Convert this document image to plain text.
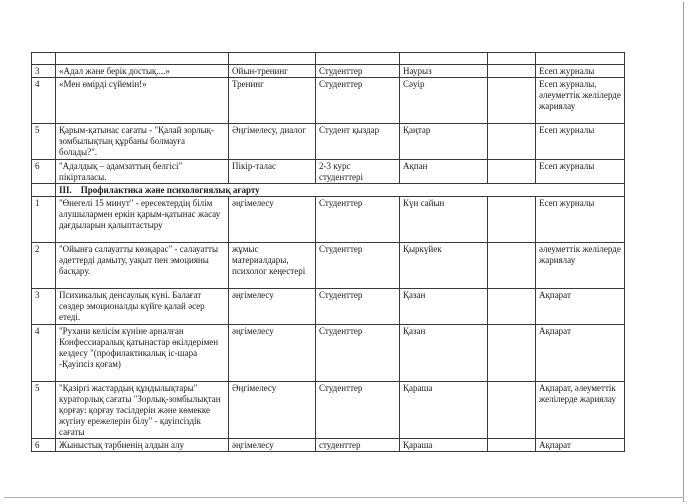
3	«Адал және берік достық....»	Ойын-тренинг	Студенттер	Наурыз		Есеп журналы
4	«Мен өмірді сүйемін!»	Тренинг	Студенттер	Сәуір		Есеп журналы, әлеуметтік желілерде жариялау
5	Қарым-қатынас сағаты - "Қалай зорлық-зомбылықтың құрбаны болмауға болады?".	Әңгімелесу, диалог	Студент қыздар	Қаңтар		Есеп журналы
6	"Адалдық – адамзаттың белгісі" пікірталасы.	Пікір-талас	2-3 курс студенттері	Ақпан		Есеп журналы
	III. Профилактика және психологиялық ағарту					
1	"Өнегелі 15 минут" - ересектердің білім алушылармен еркін қарым-қатынас жасау дағдыларын қалыптастыру	әңгімелесу	Студенттер	Күн сайын		Есеп журналы
2	"Ойынға салауатты көзқарас" - салауатты әдеттерді дамыту, уақыт пен эмоцияны басқару.	жұмыс материалдары, психолог кеңестері	Студенттер	Қыркүйек		әлеуметтік желілерде жариялау
3	Психикалық денсаулық күні. Балағат сөздер эмоционалды күйге қалай әсер етеді.	әңгімелесу	Студенттер	Қазан		Ақпарат
4	"Рухани келісім күніне арналған Конфессиаралық қатынастар өкілдерімен кездесу "(профилактикалық іс-шара -Қауіпсіз қоғам)	әңгімелесу	Студенттер	Қазан		Ақпарат
5	"Қазіргі жастардың құндылықтары" кураторлық сағаты "Зорлық-зомбылықтан қорғау: қорғау тәсілдерін және көмекке жүгіну ережелерін білу" - қауіпсіздік сағаты	Әңгімелесу	Студенттер	Қараша		Ақпарат, әлеуметтік желілерде жариялау
6	Жыныстық тәрбиенің алдын алу	әңгімелесу	студенттер	Қараша		Ақпарат
